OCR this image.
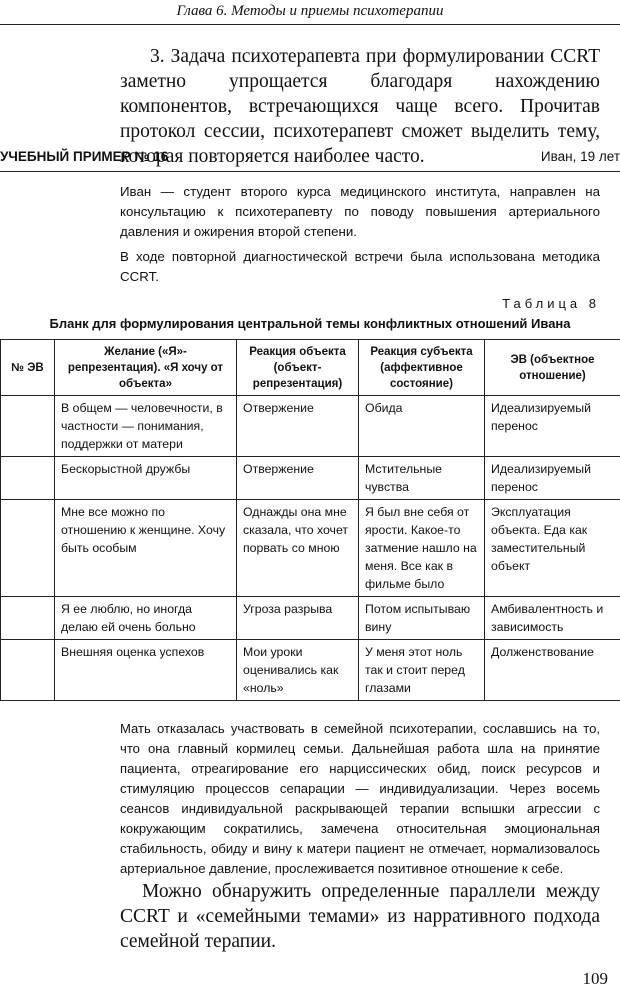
Глава 6. Методы и приемы психотерапии
3. Задача психотерапевта при формулировании CCRT заметно упрощается благодаря нахождению компонентов, встречающихся чаще всего. Прочитав протокол сессии, психотерапевт сможет выделить тему, которая повторяется наиболее часто.
УЧЕБНЫЙ ПРИМЕР № 16	Иван, 19 лет

Иван — студент второго курса медицинского института, направлен на консультацию к психотерапевту по поводу повышения артериального давления и ожирения второй степени.

В ходе повторной диагностической встречи была использована методика CCRT.

Таблица 8
Бланк для формулирования центральной темы конфликтных отношений Ивана
№ ЭВ	Желание («Я»-репрезентация). «Я хочу от объекта»	Реакция объекта (объект-репрезентация)	Реакция субъекта (аффективное состояние)	ЭВ (объектное отношение)
	В общем — человечности, в частности — понимания, поддержки от матери	Отвержение	Обида	Идеализируемый перенос
	Бескорыстной дружбы	Отвержение	Мстительные чувства	Идеализируемый перенос
	Мне все можно по отношению к женщине. Хочу быть особым	Однажды она мне сказала, что хочет порвать со мною	Я был вне себя от ярости. Какое-то затмение нашло на меня. Все как в фильме было	Эксплуатация объекта. Еда как заместительный объект
	Я ее люблю, но иногда делаю ей очень больно	Угроза разрыва	Потом испытываю вину	Амбивалентность и зависимость
	Внешняя оценка успехов	Мои уроки оценивались как «ноль»	У меня этот ноль так и стоит перед глазами	Долженствование
Мать отказалась участвовать в семейной психотерапии, сославшись на то, что она главный кормилец семьи. Дальнейшая работа шла на принятие пациента, отреагирование его нарциссических обид, поиск ресурсов и стимуляцию процессов сепарации — индивидуализации. Через восемь сеансов индивидуальной раскрывающей терапии вспышки агрессии с кокружающим сократились, замечена относительная эмоциональная стабильность, обиду и вину к матери пациент не отмечает, нормализовалось артериальное давление, прослеживается позитивное отношение к себе.
Можно обнаружить определенные параллели между CCRT и «семейными темами» из нарративного подхода семейной терапии.
109
